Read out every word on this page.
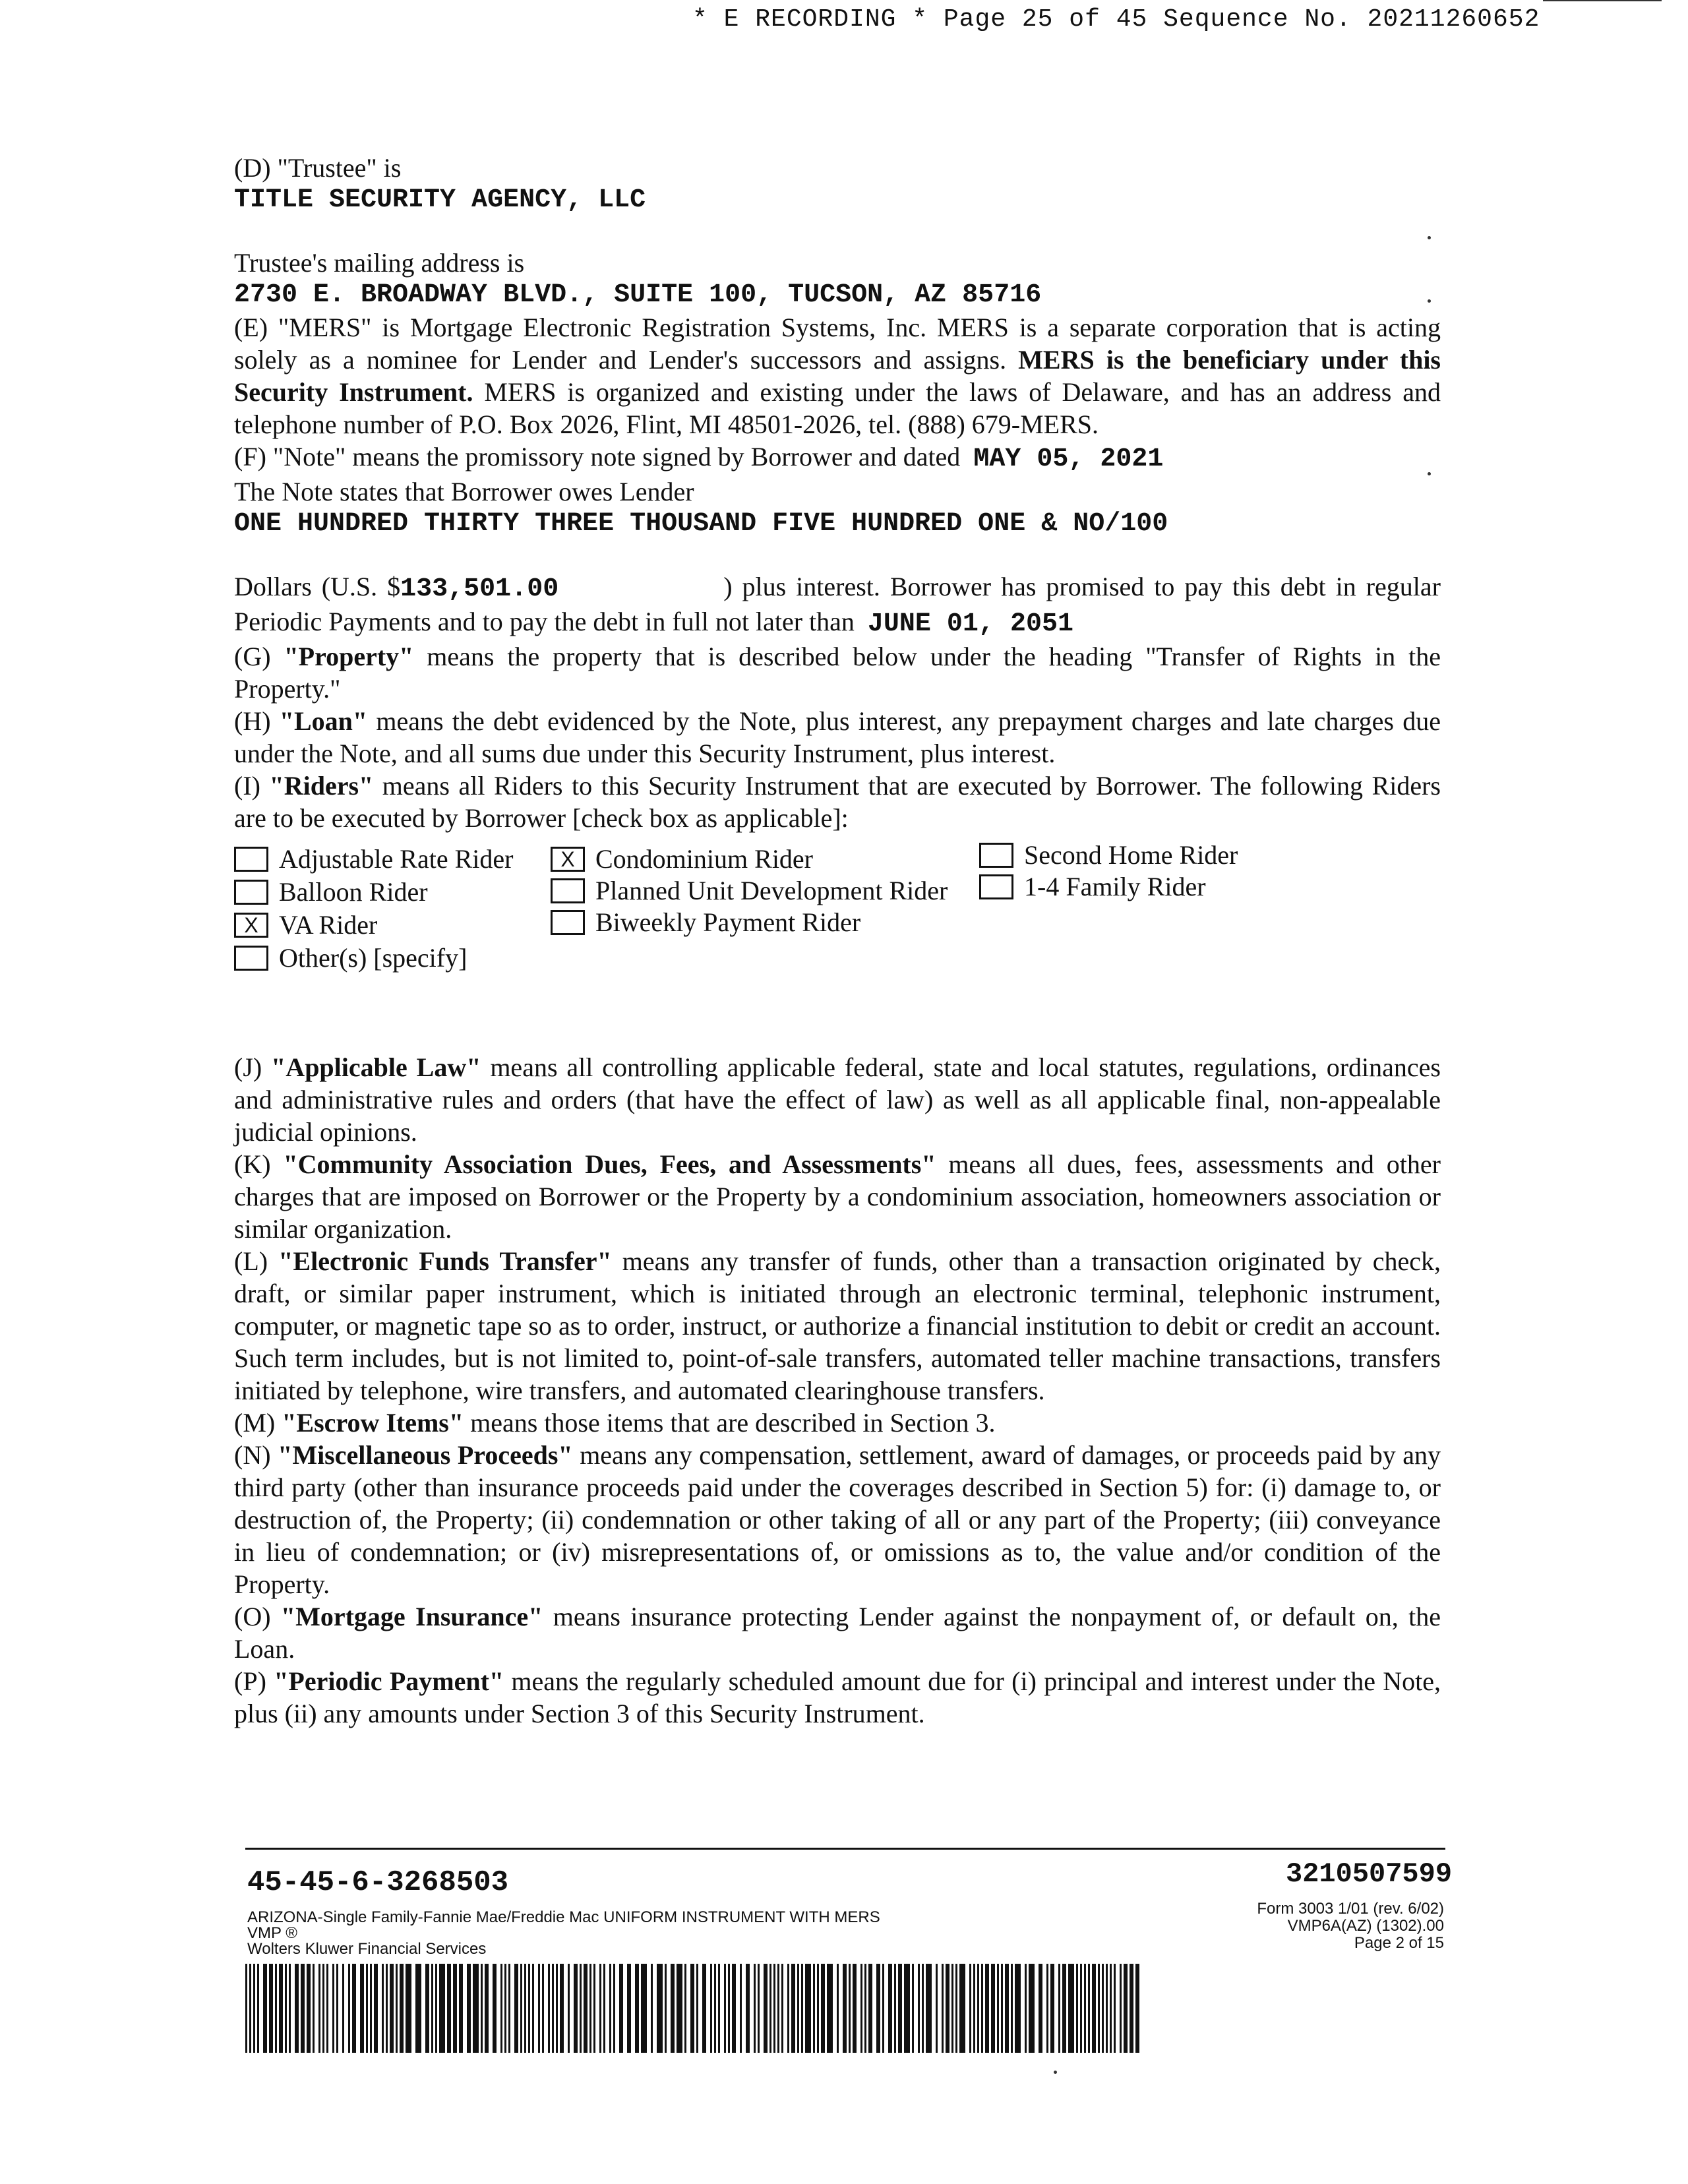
* E RECORDING * Page 25 of 45 Sequence No. 20211260652

(D) "Trustee" is

TITLE SECURITY AGENCY, LLC

Trustee's mailing address is

2730 E. BROADWAY BLVD., SUITE 100, TUCSON, AZ 85716

(E) "MERS" is Mortgage Electronic Registration Systems, Inc. MERS is a separate corporation that is acting solely as a nominee for Lender and Lender's successors and assigns. MERS is the beneficiary under this Security Instrument. MERS is organized and existing under the laws of Delaware, and has an address and telephone number of P.O. Box 2026, Flint, MI 48501-2026, tel. (888) 679-MERS.

(F) "Note" means the promissory note signed by Borrower and dated MAY 05, 2021

The Note states that Borrower owes Lender

ONE HUNDRED THIRTY THREE THOUSAND FIVE HUNDRED ONE & NO/100

Dollars (U.S. $133,501.00	) plus interest. Borrower has promised to pay this debt in regular Periodic Payments and to pay the debt in full not later than JUNE 01, 2051

(G) "Property" means the property that is described below under the heading "Transfer of Rights in the Property."

(H) "Loan" means the debt evidenced by the Note, plus interest, any prepayment charges and late charges due under the Note, and all sums due under this Security Instrument, plus interest.

(I) "Riders" means all Riders to this Security Instrument that are executed by Borrower. The following Riders are to be executed by Borrower [check box as applicable]:

Adjustable Rate Rider	X Condominium Rider	Second Home Rider
Balloon Rider	Planned Unit Development Rider	1-4 Family Rider
X VA Rider	Biweekly Payment Rider
Other(s) [specify]

(J) "Applicable Law" means all controlling applicable federal, state and local statutes, regulations, ordinances and administrative rules and orders (that have the effect of law) as well as all applicable final, non-appealable judicial opinions.

(K) "Community Association Dues, Fees, and Assessments" means all dues, fees, assessments and other charges that are imposed on Borrower or the Property by a condominium association, homeowners association or similar organization.

(L) "Electronic Funds Transfer" means any transfer of funds, other than a transaction originated by check, draft, or similar paper instrument, which is initiated through an electronic terminal, telephonic instrument, computer, or magnetic tape so as to order, instruct, or authorize a financial institution to debit or credit an account. Such term includes, but is not limited to, point-of-sale transfers, automated teller machine transactions, transfers initiated by telephone, wire transfers, and automated clearinghouse transfers.

(M) "Escrow Items" means those items that are described in Section 3.

(N) "Miscellaneous Proceeds" means any compensation, settlement, award of damages, or proceeds paid by any third party (other than insurance proceeds paid under the coverages described in Section 5) for: (i) damage to, or destruction of, the Property; (ii) condemnation or other taking of all or any part of the Property; (iii) conveyance in lieu of condemnation; or (iv) misrepresentations of, or omissions as to, the value and/or condition of the Property.

(O) "Mortgage Insurance" means insurance protecting Lender against the nonpayment of, or default on, the Loan.

(P) "Periodic Payment" means the regularly scheduled amount due for (i) principal and interest under the Note, plus (ii) any amounts under Section 3 of this Security Instrument.

45-45-6-3268503	3210507599
ARIZONA-Single Family-Fannie Mae/Freddie Mac UNIFORM INSTRUMENT WITH MERS
VMP ®
Wolters Kluwer Financial Services
Form 3003 1/01 (rev. 6/02)
VMP6A(AZ) (1302).00
Page 2 of 15
